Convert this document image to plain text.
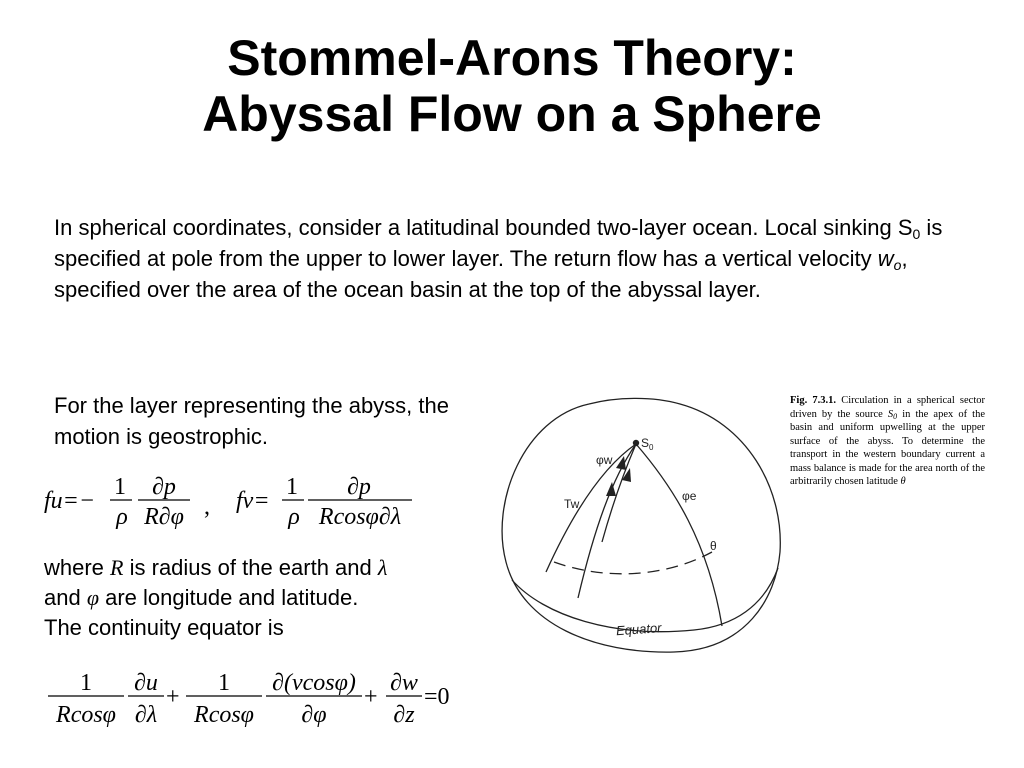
Stommel-Arons Theory:
Abyssal Flow on a Sphere
In spherical coordinates, consider a latitudinal bounded two-layer ocean. Local sinking $S_0$ is specified at pole from the upper to lower layer. The return flow has a vertical velocity $w_o$, specified over the area of the ocean basin at the top of the abyssal layer.
For the layer representing the abyss, the motion is geostrophic.
fu=−
1
ρ
∂p
R∂φ , fv=
1
ρ
∂p
Rcosφ∂λ
where R is radius of the earth and λ
and φ are longitude and latitude.
The continuity equator is
1
Rcosφ
∂u
∂λ
+
1
Rcosφ
∂(vcosφ)
∂φ
+
∂w
∂z
=0
$S_0$
φw
Tw
φe
θ
Equator
Fig. 7.3.1. Circulation in a spherical sector driven by the source $S_0$ in the apex of the basin and uniform upwelling at the upper surface of the abyss. To determine the transport in the western boundary current a mass balance is made for the area north of the arbitrarily chosen latitude θ
